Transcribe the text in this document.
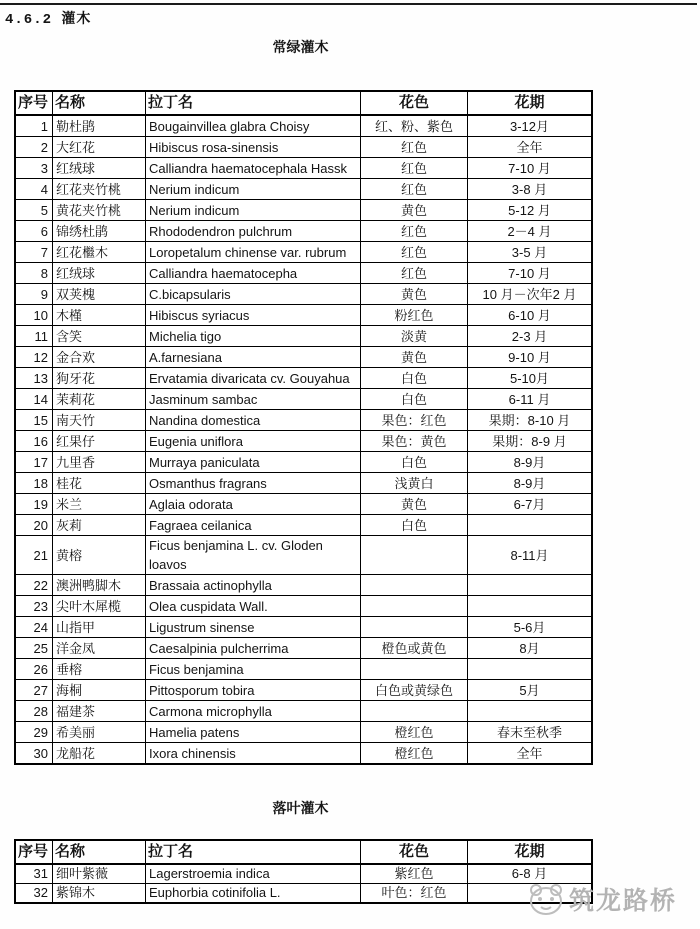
4.6.2 灌木
常绿灌木
序号	名称	拉丁名	花色	花期
1	勒杜鹃	Bougainvillea glabra Choisy	红、粉、紫色	3-12月
2	大红花	Hibiscus rosa-sinensis	红色	全年
3	红绒球	Calliandra haematocephala Hassk	红色	7-10 月
4	红花夹竹桃	Nerium indicum	红色	3-8 月
5	黄花夹竹桃	Nerium indicum	黄色	5-12 月
6	锦绣杜鹃	Rhododendron pulchrum	红色	2－4 月
7	红花檵木	Loropetalum chinense var. rubrum	红色	3-5 月
8	红绒球	Calliandra haematocepha	红色	7-10 月
9	双荚槐	C.bicapsularis	黄色	10 月－次年2 月
10	木槿	Hibiscus syriacus	粉红色	6-10 月
11	含笑	Michelia tigo	淡黄	2-3 月
12	金合欢	A.farnesiana	黄色	9-10 月
13	狗牙花	Ervatamia divaricata cv. Gouyahua	白色	5-10月
14	茉莉花	Jasminum sambac	白色	6-11 月
15	南天竹	Nandina domestica	果色：红色	果期：8-10 月
16	红果仔	Eugenia uniflora	果色：黄色	果期：8-9 月
17	九里香	Murraya paniculata	白色	8-9月
18	桂花	Osmanthus fragrans	浅黄白	8-9月
19	米兰	Aglaia odorata	黄色	6-7月
20	灰莉	Fagraea ceilanica	白色	
21	黄榕	Ficus benjamina L. cv. Gloden loavos		8-11月
22	澳洲鸭脚木	Brassaia actinophylla		
23	尖叶木犀榄	Olea cuspidata Wall.		
24	山指甲	Ligustrum sinense		5-6月
25	洋金凤	Caesalpinia pulcherrima	橙色或黄色	8月
26	垂榕	Ficus benjamina		
27	海桐	Pittosporum tobira	白色或黄绿色	5月
28	福建茶	Carmona microphylla		
29	希美丽	Hamelia patens	橙红色	春末至秋季
30	龙船花	Ixora chinensis	橙红色	全年
落叶灌木
序号	名称	拉丁名	花色	花期
31	细叶紫薇	Lagerstroemia indica	紫红色	6-8 月
32	紫锦木	Euphorbia cotinifolia L.	叶色：红色		筑龙路桥
